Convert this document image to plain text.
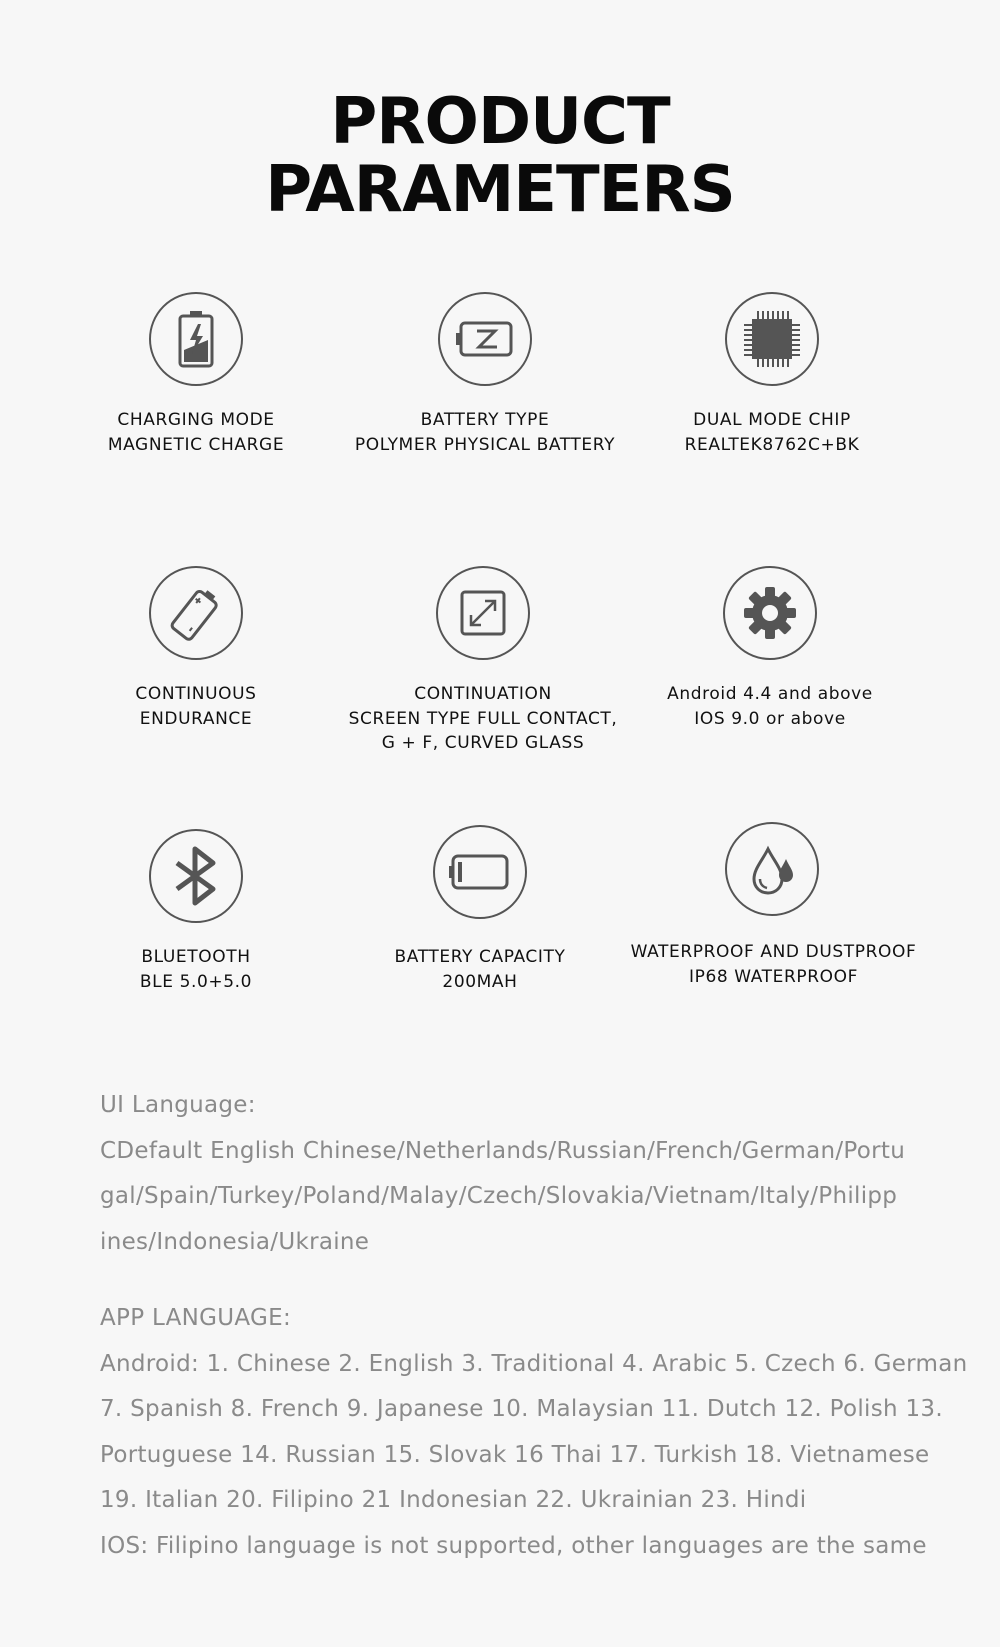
PRODUCT
PARAMETERS
CHARGING MODE
MAGNETIC CHARGE
BATTERY TYPE
POLYMER PHYSICAL BATTERY
DUAL MODE CHIP
REALTEK8762C+BK
CONTINUOUS
ENDURANCE
CONTINUATION
SCREEN TYPE FULL CONTACT,
G + F, CURVED GLASS
Android 4.4 and above
IOS 9.0 or above
BLUETOOTH
BLE 5.0+5.0
BATTERY CAPACITY
200MAH
WATERPROOF AND DUSTPROOF
IP68 WATERPROOF
UI Language:
CDefault English Chinese/Netherlands/Russian/French/German/Portu
gal/Spain/Turkey/Poland/Malay/Czech/Slovakia/Vietnam/Italy/Philipp
ines/Indonesia/Ukraine
APP LANGUAGE:
Android: 1. Chinese 2. English 3. Traditional 4. Arabic 5. Czech 6. German
7. Spanish 8. French 9. Japanese 10. Malaysian 11. Dutch 12. Polish 13.
Portuguese 14. Russian 15. Slovak 16 Thai 17. Turkish 18. Vietnamese
19. Italian 20. Filipino 21 Indonesian 22. Ukrainian 23. Hindi
IOS: Filipino language is not supported, other languages are the same
